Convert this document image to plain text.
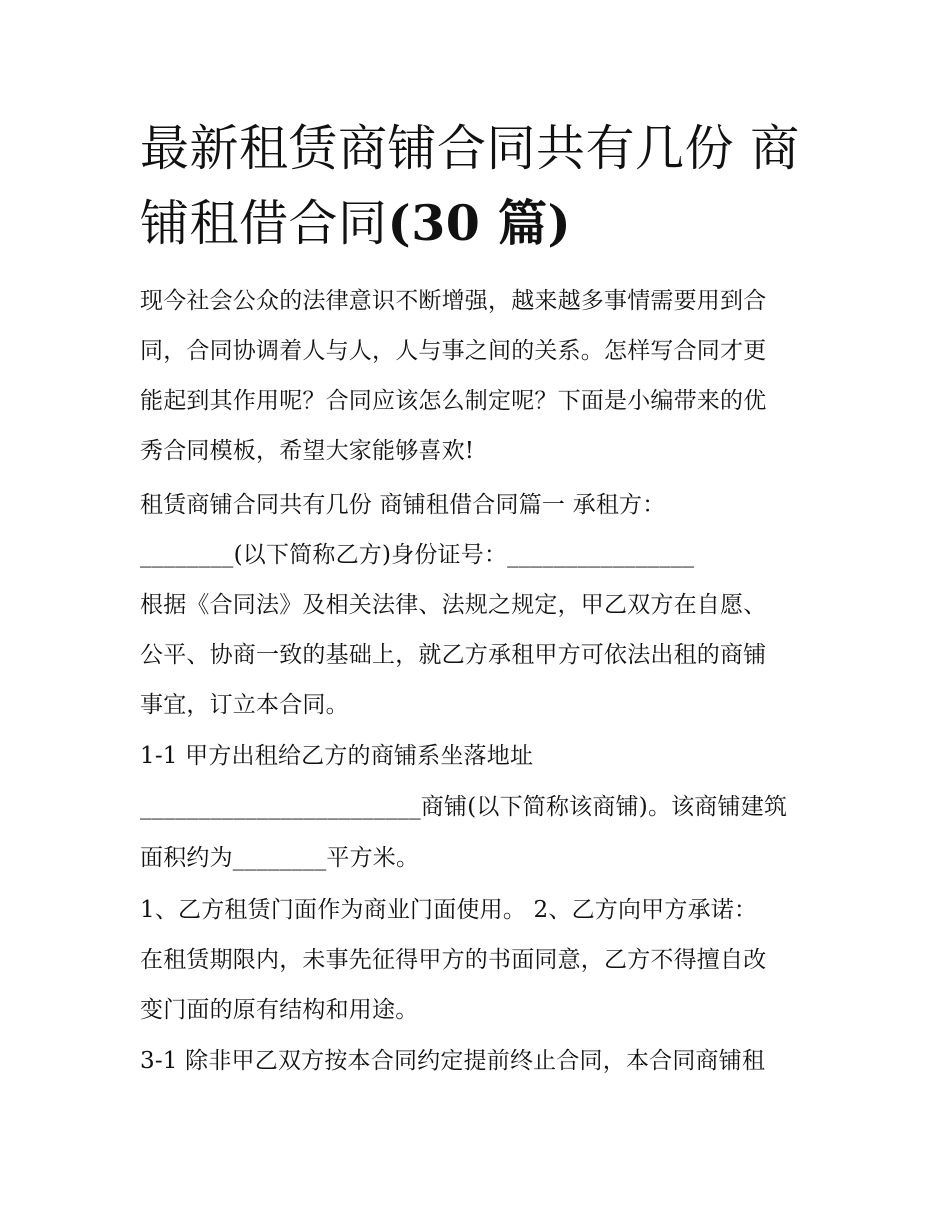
最新租赁商铺合同共有几份 商
铺租借合同(30 篇)
现今社会公众的法律意识不断增强，越来越多事情需要用到合
同，合同协调着人与人，人与事之间的关系。怎样写合同才更
能起到其作用呢？合同应该怎么制定呢？下面是小编带来的优
秀合同模板，希望大家能够喜欢!
租赁商铺合同共有几份 商铺租借合同篇一 承租方：
________(以下简称乙方)身份证号：________________
根据《合同法》及相关法律、法规之规定，甲乙双方在自愿、
公平、协商一致的基础上，就乙方承租甲方可依法出租的商铺
事宜，订立本合同。
1-1 甲方出租给乙方的商铺系坐落地址
________________________商铺(以下简称该商铺)。该商铺建筑
面积约为________平方米。
1、乙方租赁门面作为商业门面使用。 2、乙方向甲方承诺：
在租赁期限内，未事先征得甲方的书面同意，乙方不得擅自改
变门面的原有结构和用途。
3-1 除非甲乙双方按本合同约定提前终止合同，本合同商铺租
